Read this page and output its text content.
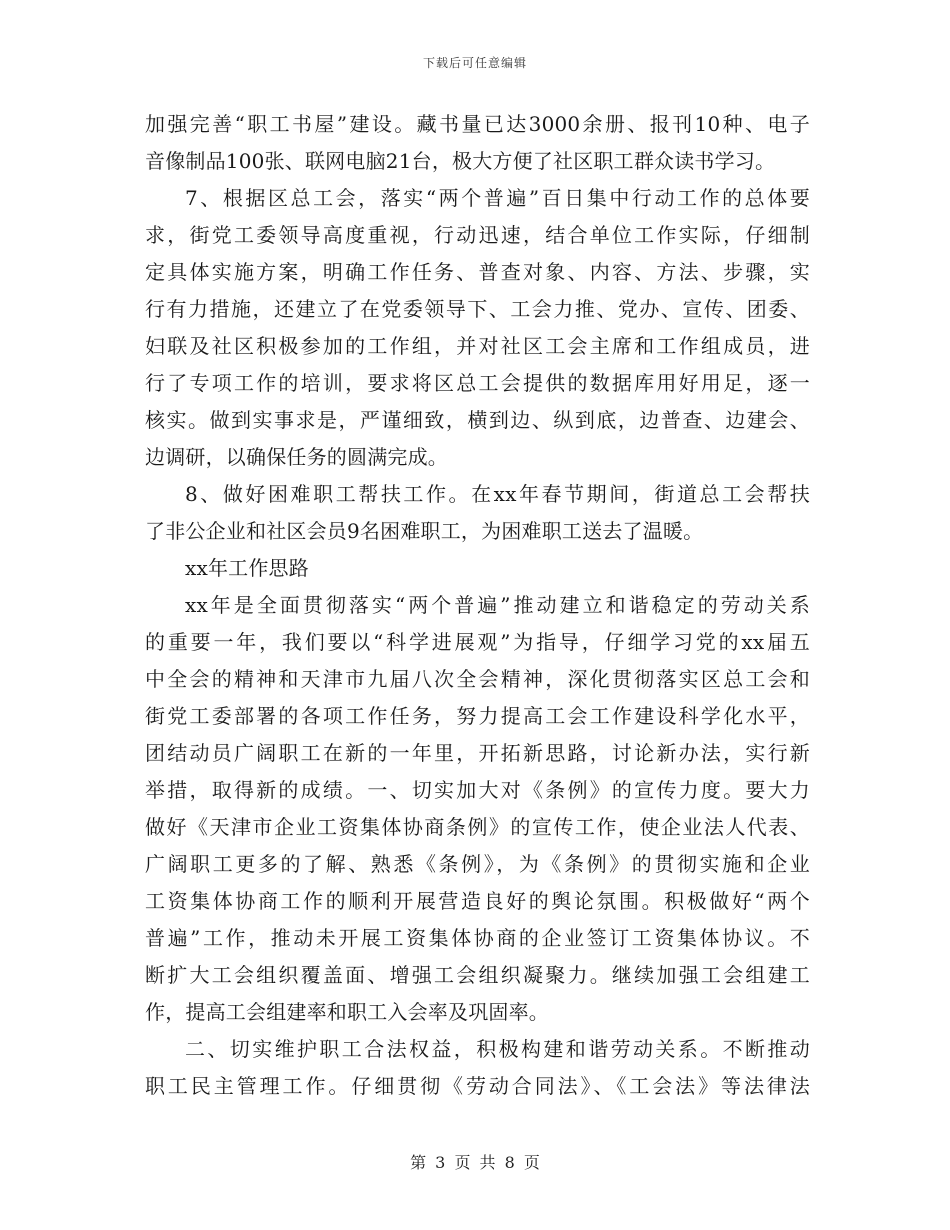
下载后可任意编辑
加强完善“职工书屋”建设。藏书量已达3000余册、报刊10种、电子
音像制品100张、联网电脑21台，极大方便了社区职工群众读书学习。
7、根据区总工会，落实“两个普遍”百日集中行动工作的总体要
求，街党工委领导高度重视，行动迅速，结合单位工作实际，仔细制
定具体实施方案，明确工作任务、普查对象、内容、方法、步骤，实
行有力措施，还建立了在党委领导下、工会力推、党办、宣传、团委、
妇联及社区积极参加的工作组，并对社区工会主席和工作组成员，进
行了专项工作的培训，要求将区总工会提供的数据库用好用足，逐一
核实。做到实事求是，严谨细致，横到边、纵到底，边普查、边建会、
边调研，以确保任务的圆满完成。
8、做好困难职工帮扶工作。在xx年春节期间，街道总工会帮扶
了非公企业和社区会员9名困难职工，为困难职工送去了温暖。
xx年工作思路
xx年是全面贯彻落实“两个普遍”推动建立和谐稳定的劳动关系
的重要一年，我们要以“科学进展观”为指导，仔细学习党的xx届五
中全会的精神和天津市九届八次全会精神，深化贯彻落实区总工会和
街党工委部署的各项工作任务，努力提高工会工作建设科学化水平，
团结动员广阔职工在新的一年里，开拓新思路，讨论新办法，实行新
举措，取得新的成绩。一、切实加大对《条例》的宣传力度。要大力
做好《天津市企业工资集体协商条例》的宣传工作，使企业法人代表、
广阔职工更多的了解、熟悉《条例》，为《条例》的贯彻实施和企业
工资集体协商工作的顺利开展营造良好的舆论氛围。积极做好“两个
普遍”工作，推动未开展工资集体协商的企业签订工资集体协议。不
断扩大工会组织覆盖面、增强工会组织凝聚力。继续加强工会组建工
作，提高工会组建率和职工入会率及巩固率。
二、切实维护职工合法权益，积极构建和谐劳动关系。不断推动
职工民主管理工作。仔细贯彻《劳动合同法》、《工会法》等法律法
第 3 页 共 8 页
